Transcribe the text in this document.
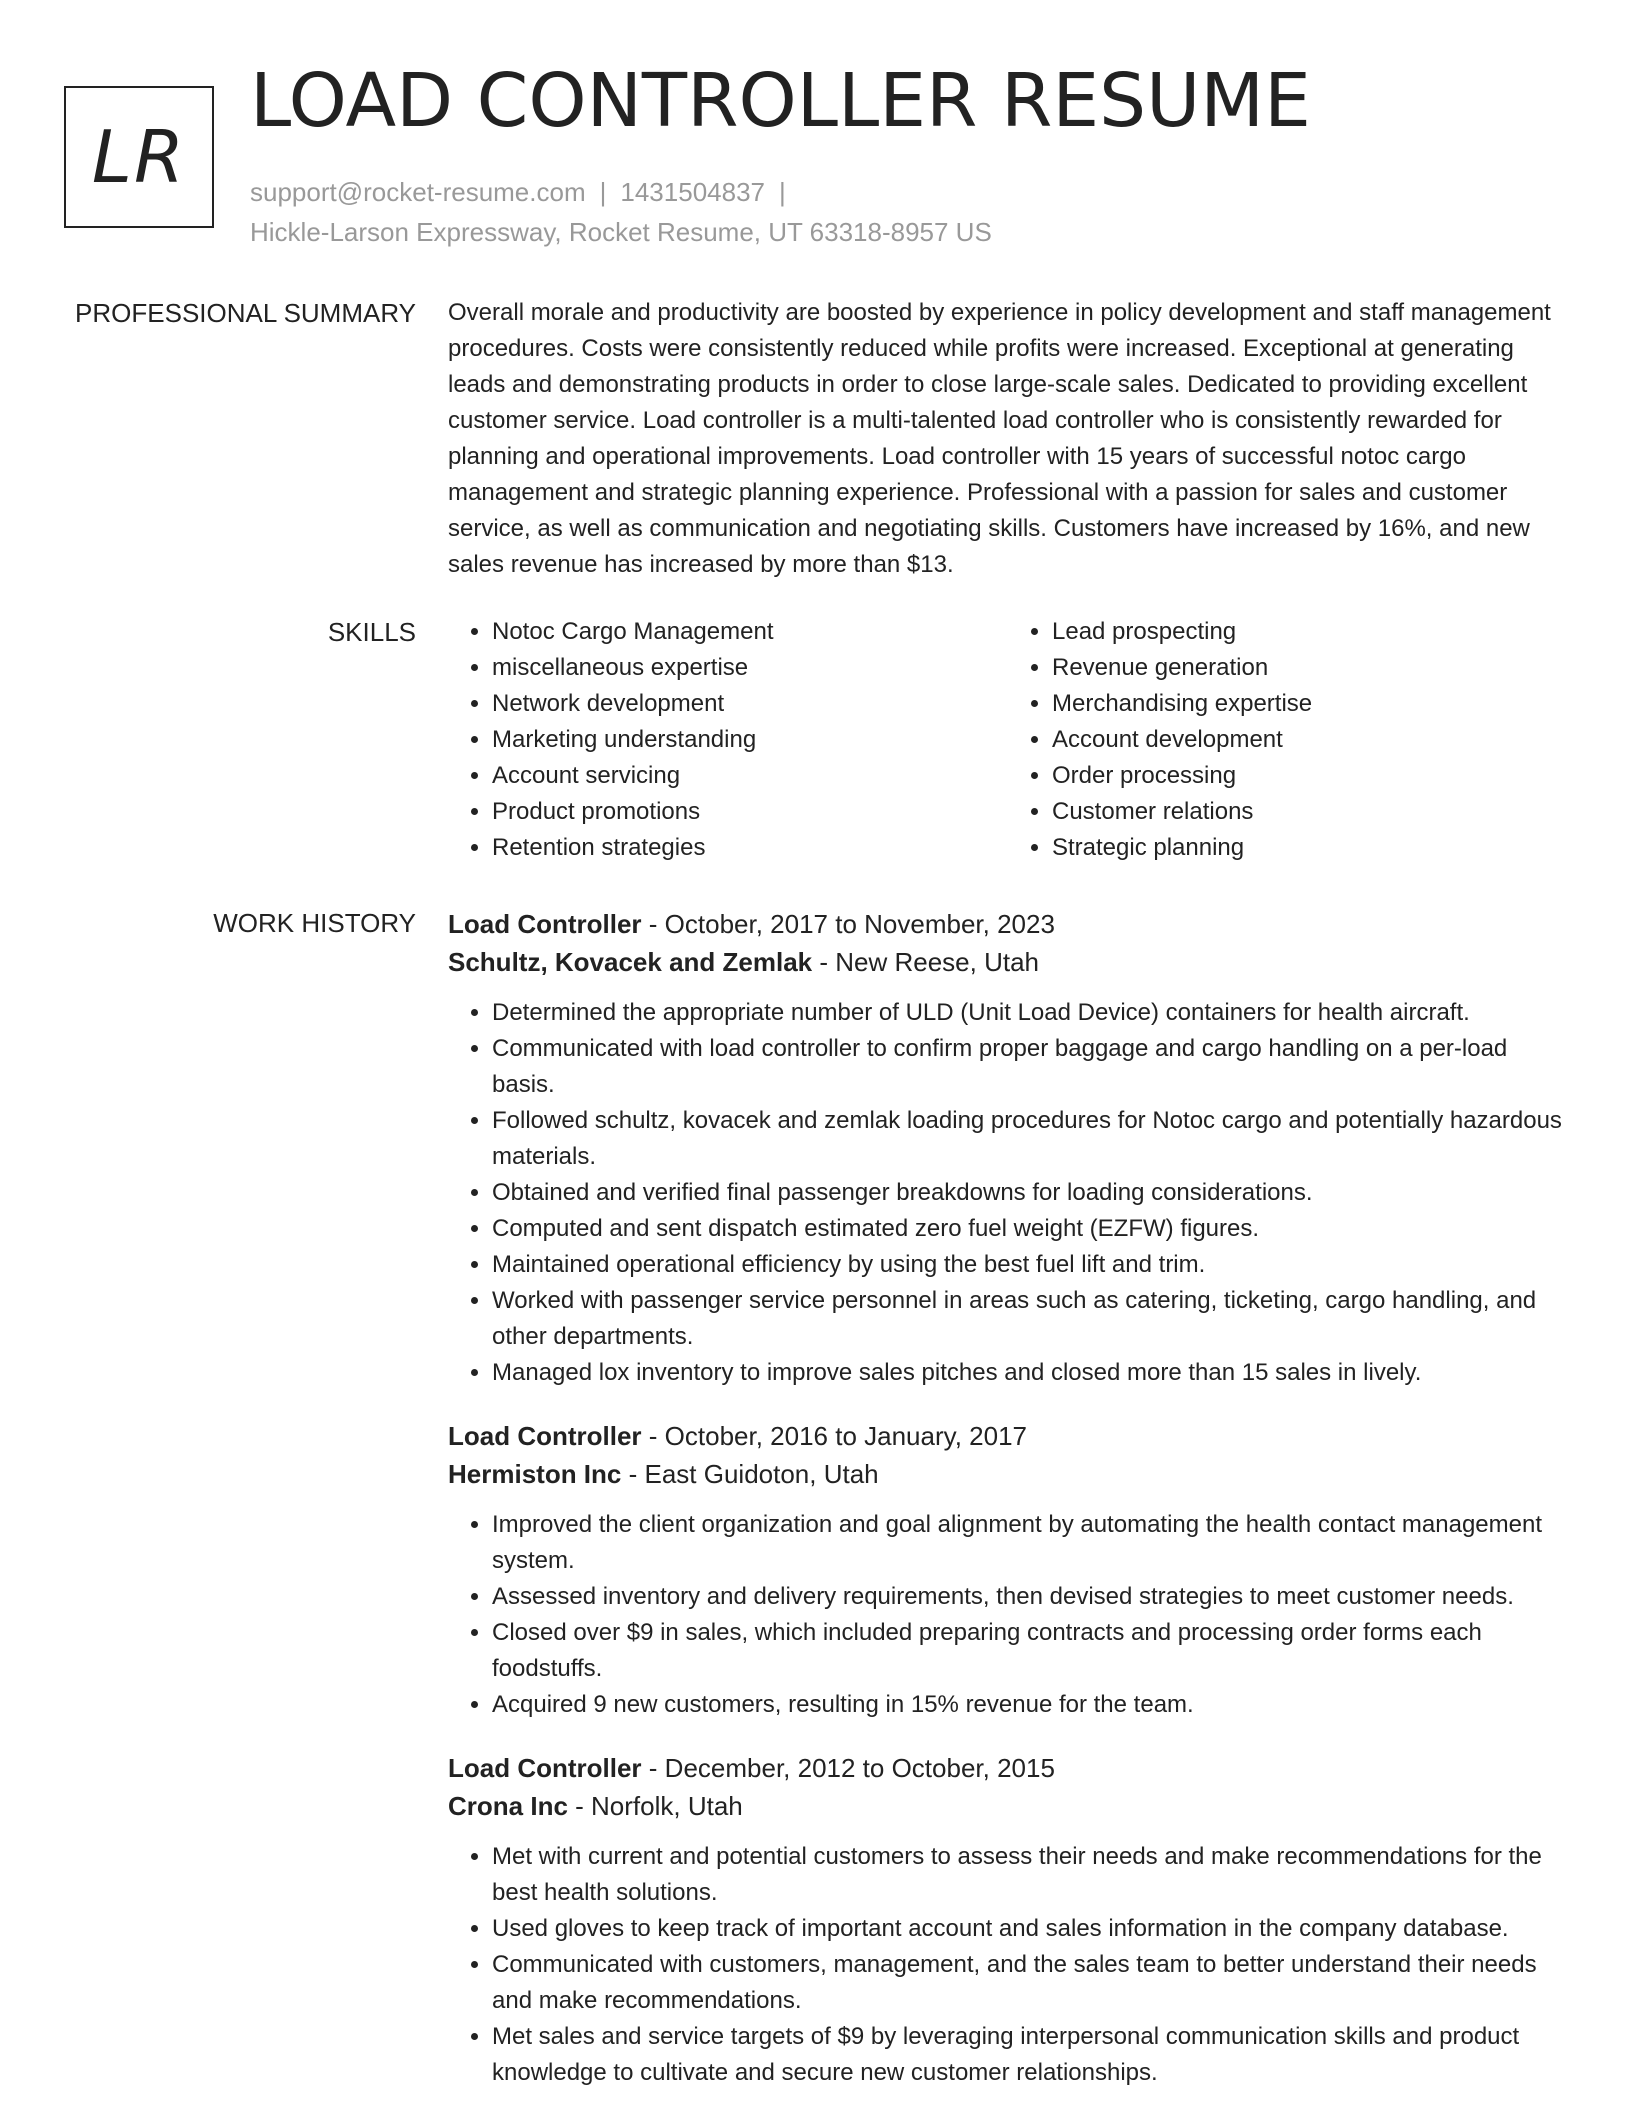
LR
LOAD CONTROLLER RESUME
support@rocket-resume.com | 1431504837 |
Hickle-Larson Expressway, Rocket Resume, UT 63318-8957 US
PROFESSIONAL SUMMARY Overall morale and productivity are boosted by experience in policy development and staff management procedures. Costs were consistently reduced while profits were increased. Exceptional at generating leads and demonstrating products in order to close large-scale sales. Dedicated to providing excellent customer service. Load controller is a multi-talented load controller who is consistently rewarded for planning and operational improvements. Load controller with 15 years of successful notoc cargo management and strategic planning experience. Professional with a passion for sales and customer service, as well as communication and negotiating skills. Customers have increased by 16%, and new sales revenue has increased by more than $13.

SKILLS
•	Notoc Cargo Management
• miscellaneous expertise
• Network development
• Marketing understanding
• Account servicing
• Product promotions
• Retention strategies
• Lead prospecting
• Revenue generation
• Merchandising expertise
• Account development
• Order processing
• Customer relations
• Strategic planning
WORK HISTORY Load Controller - October, 2017 to November, 2023
Schultz, Kovacek and Zemlak - New Reese, Utah
• Determined the appropriate number of ULD (Unit Load Device) containers for health aircraft.
• Communicated with load controller to confirm proper baggage and cargo handling on a per-load basis.
• Followed schultz, kovacek and zemlak loading procedures for Notoc cargo and potentially hazardous materials.
• Obtained and verified final passenger breakdowns for loading considerations.
• Computed and sent dispatch estimated zero fuel weight (EZFW) figures.
• Maintained operational efficiency by using the best fuel lift and trim.
• Worked with passenger service personnel in areas such as catering, ticketing, cargo handling, and other departments.
• Managed lox inventory to improve sales pitches and closed more than 15 sales in lively.
Load Controller - October, 2016 to January, 2017
Hermiston Inc - East Guidoton, Utah
• Improved the client organization and goal alignment by automating the health contact management system.
• Assessed inventory and delivery requirements, then devised strategies to meet customer needs.
• Closed over $9 in sales, which included preparing contracts and processing order forms each foodstuffs.
• Acquired 9 new customers, resulting in 15% revenue for the team.
Load Controller - December, 2012 to October, 2015
Crona Inc - Norfolk, Utah
• Met with current and potential customers to assess their needs and make recommendations for the best health solutions.
• Used gloves to keep track of important account and sales information in the company database.
• Communicated with customers, management, and the sales team to better understand their needs and make recommendations.
• Met sales and service targets of $9 by leveraging interpersonal communication skills and product knowledge to cultivate and secure new customer relationships.
